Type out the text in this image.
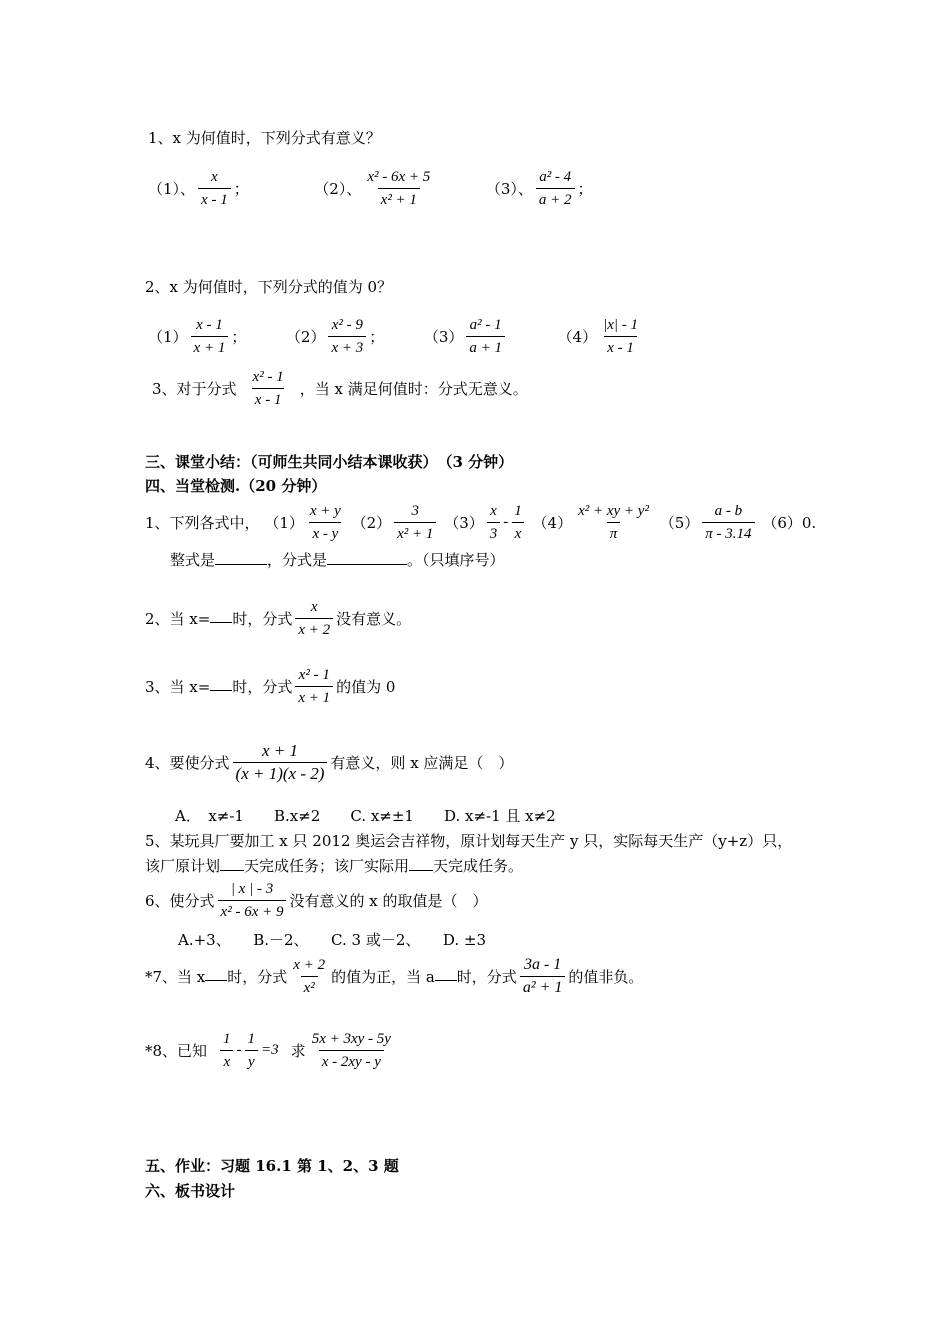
1、x 为何值时，下列分式有意义？
（1）、 $\frac{x}{x - 1}$ ；	（2）、 $\frac{\text{x² - 6x + 5}}{\text{x² + 1}}$	（3）、 $\frac{\text{a² - 4}}{a + 2}$ ；
2、x 为何值时，下列分式的值为 0？
$(1) \frac{x - 1}{x + 1}$ ；	$(2) \frac{\text{x² - 9}}{x + 3}$ ；	$(3) \frac{\text{a² - 1}}{a + 1}$	$(4) \frac{|x| - 1}{x - 1}$
3、对于分式 $\frac{\text{x² - 1}}{x - 1}$ ，当 x 满足何值时：分式无意义。
三、课堂小结：（可师生共同小结本课收获）　（3 分钟）
四、当堂检测.（20 分钟）
1、下列各式中， $(1) \frac{x + y}{x - y} (2) \frac{3}{\text{x² + 1}} (3) \frac{x}{3} - \frac{1}{x} (4) \frac{\text{x² + xy + y²}}{\pi} (5) \frac{a - b}{\pi - 3.14} (6)0$.
整式是	，分式是	。（只填序号）
2、当 x= 时，分式 $\frac{x}{x + 2}$ 没有意义。
3、当 x= 时，分式 $\frac{\text{x² - 1}}{x + 1}$ 的值为 0
4、要使分式 $\frac{x + 1}{(x + 1)(x - 2)}$ 有意义，则 x 应满足（　）
A．　x≠-1　　B.x≠2　　C. x≠±1　　D. x≠-1 且 x≠2
5、某玩具厂要加工 x 只 2012 奥运会吉祥物，原计划每天生产 y 只，实际每天生产（y+z）只，
该厂原计划 天完成任务；该厂实际用 天完成任务。
6、使分式 $\frac{| x | - 3}{\text{x² - 6x + 9}}$ 没有意义的 x 的取值是（　）
A.+3、　　B.－2、　　C. 3 或－2、　　D. ±3
*7、当 x 时，分式 $\frac{x + 2}{\text{x²}}$ 的值为正，当 a 时，分式 $\frac{3a - 1}{\text{a² + 1}}$ 的值非负。
*8、已知 $\frac{1}{x} - \frac{1}{y} =3$ 求 $\frac{5x + 3xy - 5y}{x - 2xy - y}$
五、作业：习题 16.1 第 1、2、3 题
六、板书设计
